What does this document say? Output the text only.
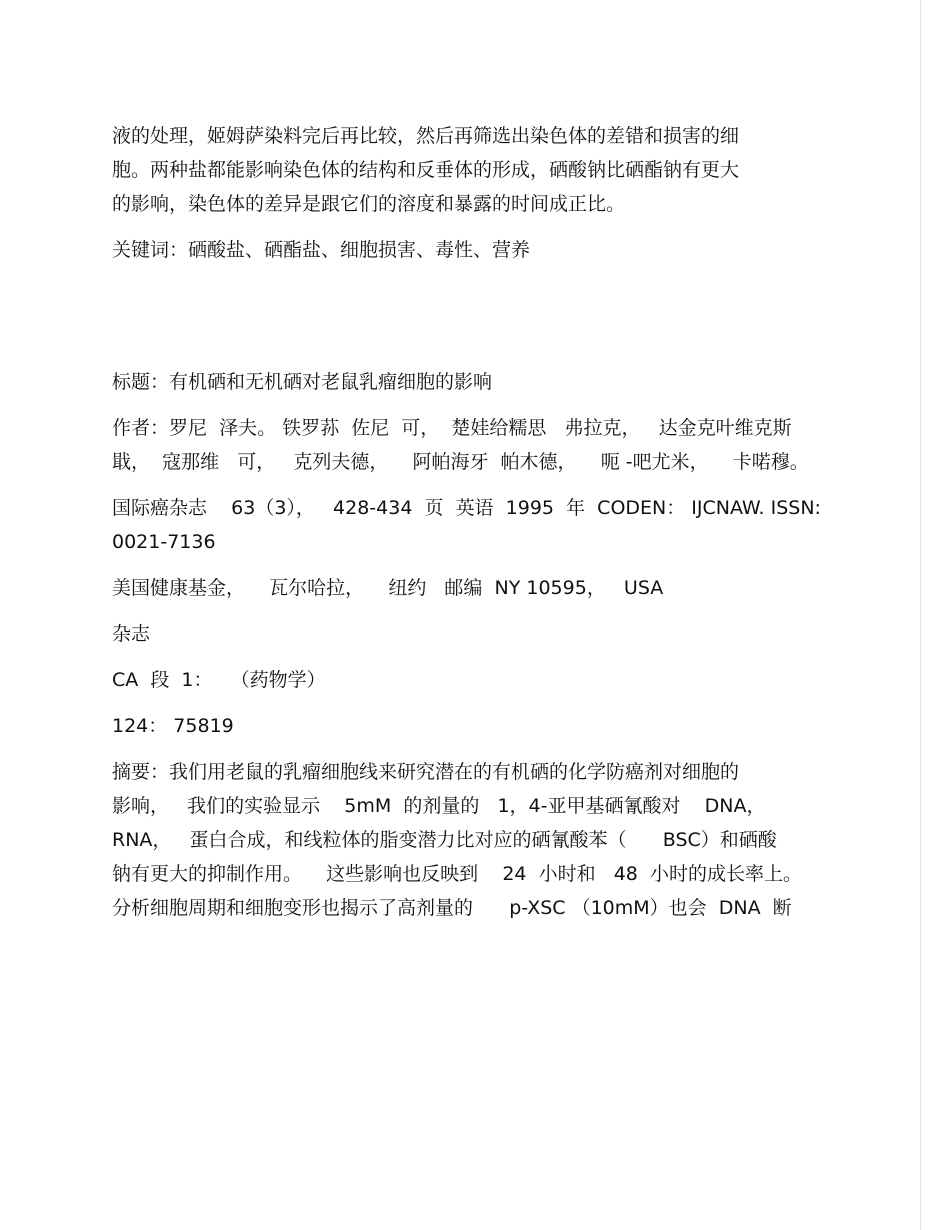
液的处理，姬姆萨染料完后再比较，然后再筛选出染色体的差错和损害的细
胞。两种盐都能影响染色体的结构和反垂体的形成，硒酸钠比硒酯钠有更大
的影响，染色体的差异是跟它们的溶度和暴露的时间成正比。
关键词：硒酸盐、硒酯盐、细胞损害、毒性、营养
标题：有机硒和无机硒对老鼠乳瘤细胞的影响
作者：罗尼  泽夫。 铁罗荪  佐尼  可，  楚娃给糯思   弗拉克，   达金克叶维克斯
戢，  寇那维   可，   克列夫德，    阿帕海牙  帕木德，    呃 -吧尤米，    卡喏穆。
国际癌杂志    63（3），   428-434  页  英语  1995  年  CODEN： IJCNAW. ISSN:
0021-7136
美国健康基金，    瓦尔哈拉，    纽约   邮编  NY 10595，   USA
杂志
CA  段  1：   （药物学）
124： 75819
摘要：我们用老鼠的乳瘤细胞线来研究潜在的有机硒的化学防癌剂对细胞的
影响，   我们的实验显示    5mM  的剂量的   1，4-亚甲基硒氰酸对    DNA，
RNA，   蛋白合成，和线粒体的脂变潜力比对应的硒氰酸苯（      BSC）和硒酸
钠有更大的抑制作用。    这些影响也反映到    24  小时和   48  小时的成长率上。
分析细胞周期和细胞变形也揭示了高剂量的      p-XSC （10mM）也会  DNA  断
